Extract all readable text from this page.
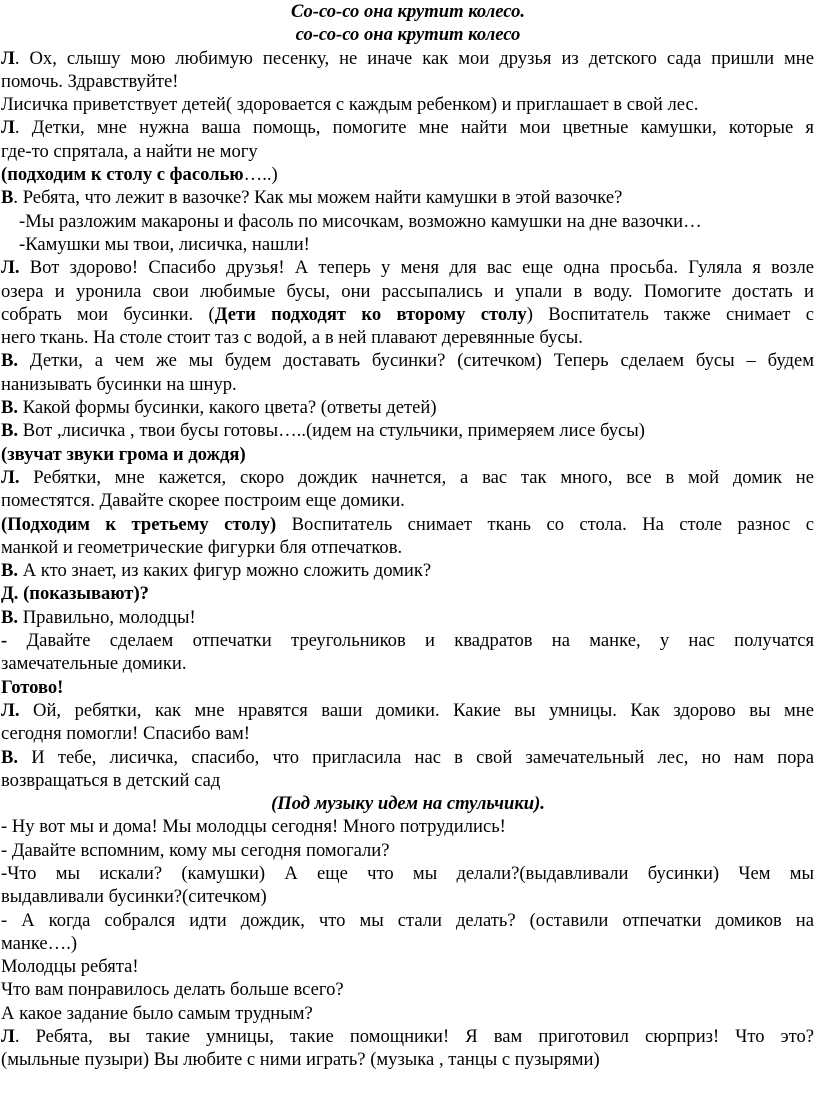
Со-со-со она крутит колесо.

со-со-со она крутит колесо

Л. Ох, слышу мою любимую песенку, не иначе как мои друзья из детского сада пришли мне

помочь. Здравствуйте!

Лисичка приветствует детей( здоровается с каждым ребенком) и приглашает в свой лес.

Л. Детки, мне нужна ваша помощь, помогите мне найти мои цветные камушки, которые я

где-то спрятала, а найти не могу

(подходим к столу с фасолью…..)

В. Ребята, что лежит в вазочке? Как мы можем найти камушки в этой вазочке?

-Мы разложим макароны и фасоль по мисочкам, возможно камушки на дне вазочки…

-Камушки мы твои, лисичка, нашли!

Л. Вот здорово! Спасибо друзья! А теперь у меня для вас еще одна просьба. Гуляла я возле

озера и уронила свои любимые бусы, они рассыпались и упали в воду. Помогите достать и

собрать мои бусинки. (Дети подходят ко второму столу) Воспитатель также снимает с

него ткань. На столе стоит таз с водой, а в ней плавают деревянные бусы.

В. Детки, а чем же мы будем доставать бусинки? (ситечком) Теперь сделаем бусы – будем

нанизывать бусинки на шнур.

В. Какой формы бусинки, какого цвета? (ответы детей)

В. Вот ,лисичка , твои бусы готовы…..(идем на стульчики, примеряем лисе бусы)

(звучат звуки грома и дождя)

Л. Ребятки, мне кажется, скоро дождик начнется, а вас так много, все в мой домик не

поместятся. Давайте скорее построим еще домики.

(Подходим к третьему столу) Воспитатель снимает ткань со стола. На столе разнос с

манкой и геометрические фигурки бля отпечатков.

В. А кто знает, из каких фигур можно сложить домик?

Д. (показывают)?

В. Правильно, молодцы!

- Давайте сделаем отпечатки треугольников и квадратов на манке, у нас получатся

замечательные домики.

Готово!

Л. Ой, ребятки, как мне нравятся ваши домики. Какие вы умницы. Как здорово вы мне

сегодня помогли! Спасибо вам!

В. И тебе, лисичка, спасибо, что пригласила нас в свой замечательный лес, но нам пора

возвращаться в детский сад

(Под музыку идем на стульчики).

- Ну вот мы и дома! Мы молодцы сегодня! Много потрудились!

- Давайте вспомним, кому мы сегодня помогали?

-Что мы искали? (камушки) А еще что мы делали?(выдавливали бусинки) Чем мы

выдавливали бусинки?(ситечком)

- А когда собрался идти дождик, что мы стали делать? (оставили отпечатки домиков на

манке….)

Молодцы ребята!

Что вам понравилось делать больше всего?

А какое задание было самым трудным?

Л. Ребята, вы такие умницы, такие помощники! Я вам приготовил сюрприз! Что это?

(мыльные пузыри) Вы любите с ними играть? (музыка , танцы с пузырями)
